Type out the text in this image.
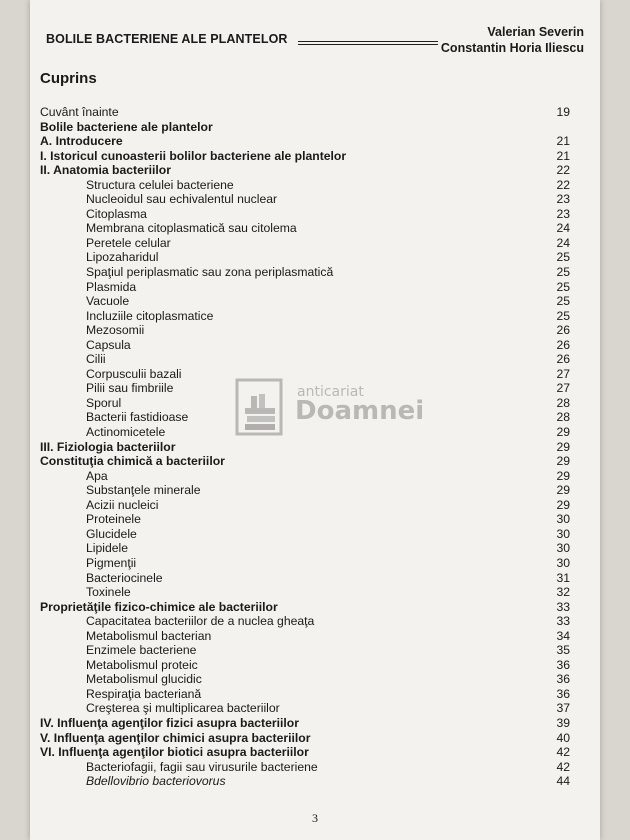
BOLILE BACTERIENE ALE PLANTELOR	Valerian Severin
Constantin Horia Iliescu
Cuprins
Cuvânt înainte	19
Bolile bacteriene ale plantelor
A. Introducere	21
I. Istoricul cunoasterii bolilor bacteriene ale plantelor	21
II. Anatomia bacteriilor	22
Structura celulei bacteriene	22
Nucleoidul sau echivalentul nuclear	23
Citoplasma	23
Membrana citoplasmatică sau citolema	24
Peretele celular	24
Lipozaharidul	25
Spaţiul periplasmatic sau zona periplasmatică	25
Plasmida	25
Vacuole	25
Incluziile citoplasmatice	25
Mezosomii	26
Capsula	26
Cilii	26
Corpusculii bazali	27
Pilii sau fimbriile	27
Sporul	28
Bacterii fastidioase	28
Actinomicetele	29
III. Fiziologia bacteriilor	29
Constituţia chimică a bacteriilor	29
Apa	29
Substanţele minerale	29
Acizii nucleici	29
Proteinele	30
Glucidele	30
Lipidele	30
Pigmenţii	30
Bacteriocinele	31
Toxinele	32
Proprietăţile fizico-chimice ale bacteriilor	33
Capacitatea bacteriilor de a nuclea gheaţa	33
Metabolismul bacterian	34
Enzimele bacteriene	35
Metabolismul proteic	36
Metabolismul glucidic	36
Respiraţia bacteriană	36
Creşterea şi multiplicarea bacteriilor	37
IV. Influenţa agenţilor fizici asupra bacteriilor	39
V. Influenţa agenţilor chimici asupra bacteriilor	40
VI. Influenţa agenţilor biotici asupra bacteriilor	42
Bacteriofagii, fagii sau virusurile bacteriene	42
Bdellovibrio bacteriovorus	44
anticariat
Doamnei
3
